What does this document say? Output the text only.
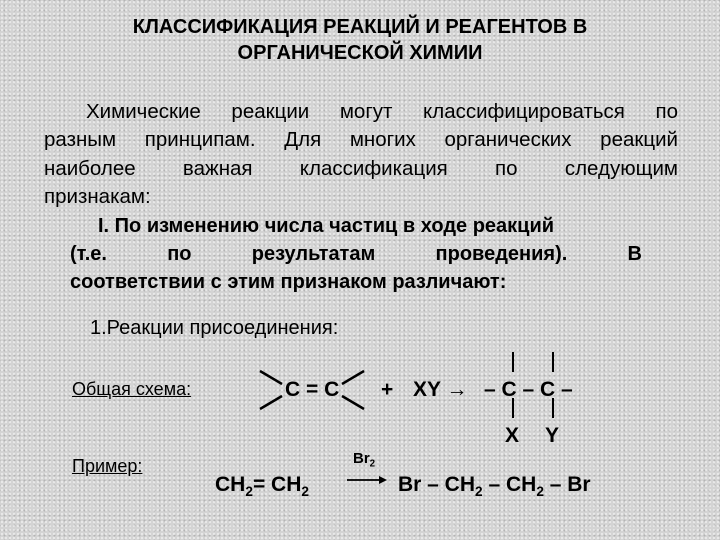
КЛАССИФИКАЦИЯ РЕАКЦИЙ И РЕАГЕНТОВ В
ОРГАНИЧЕСКОЙ ХИМИИ
Химические реакции могут классифицироваться по
разным принципам. Для многих органических реакций
наиболее важная классификация по следующим
признакам:
I. По изменению числа частиц в ходе реакций
(т.е. по результатам проведения). В
соответствии с этим признаком различают:
1.Реакции присоединения:
Общая схема:	C = C + XY → – C – C –
X Y
Пример:
$CH_2= CH_2$
$Br_2$
→ Br – $CH_2 - CH_2$ – Br
